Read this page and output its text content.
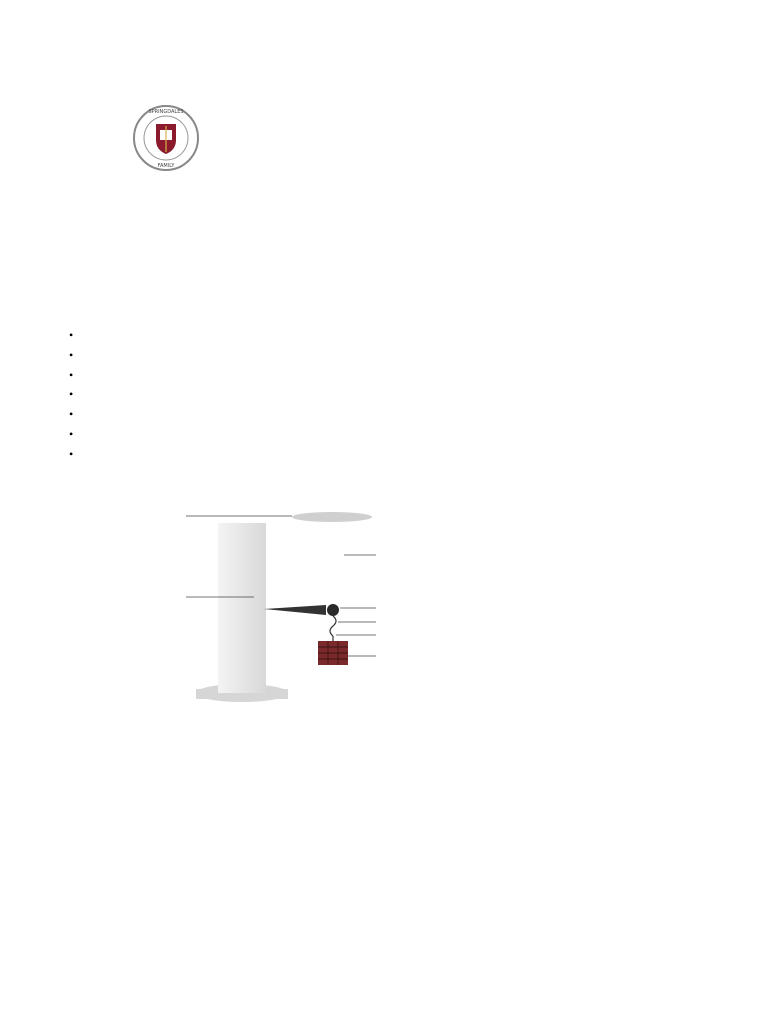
SPRINGDALES
FAMILY
•
•
•
•
•
•
•
